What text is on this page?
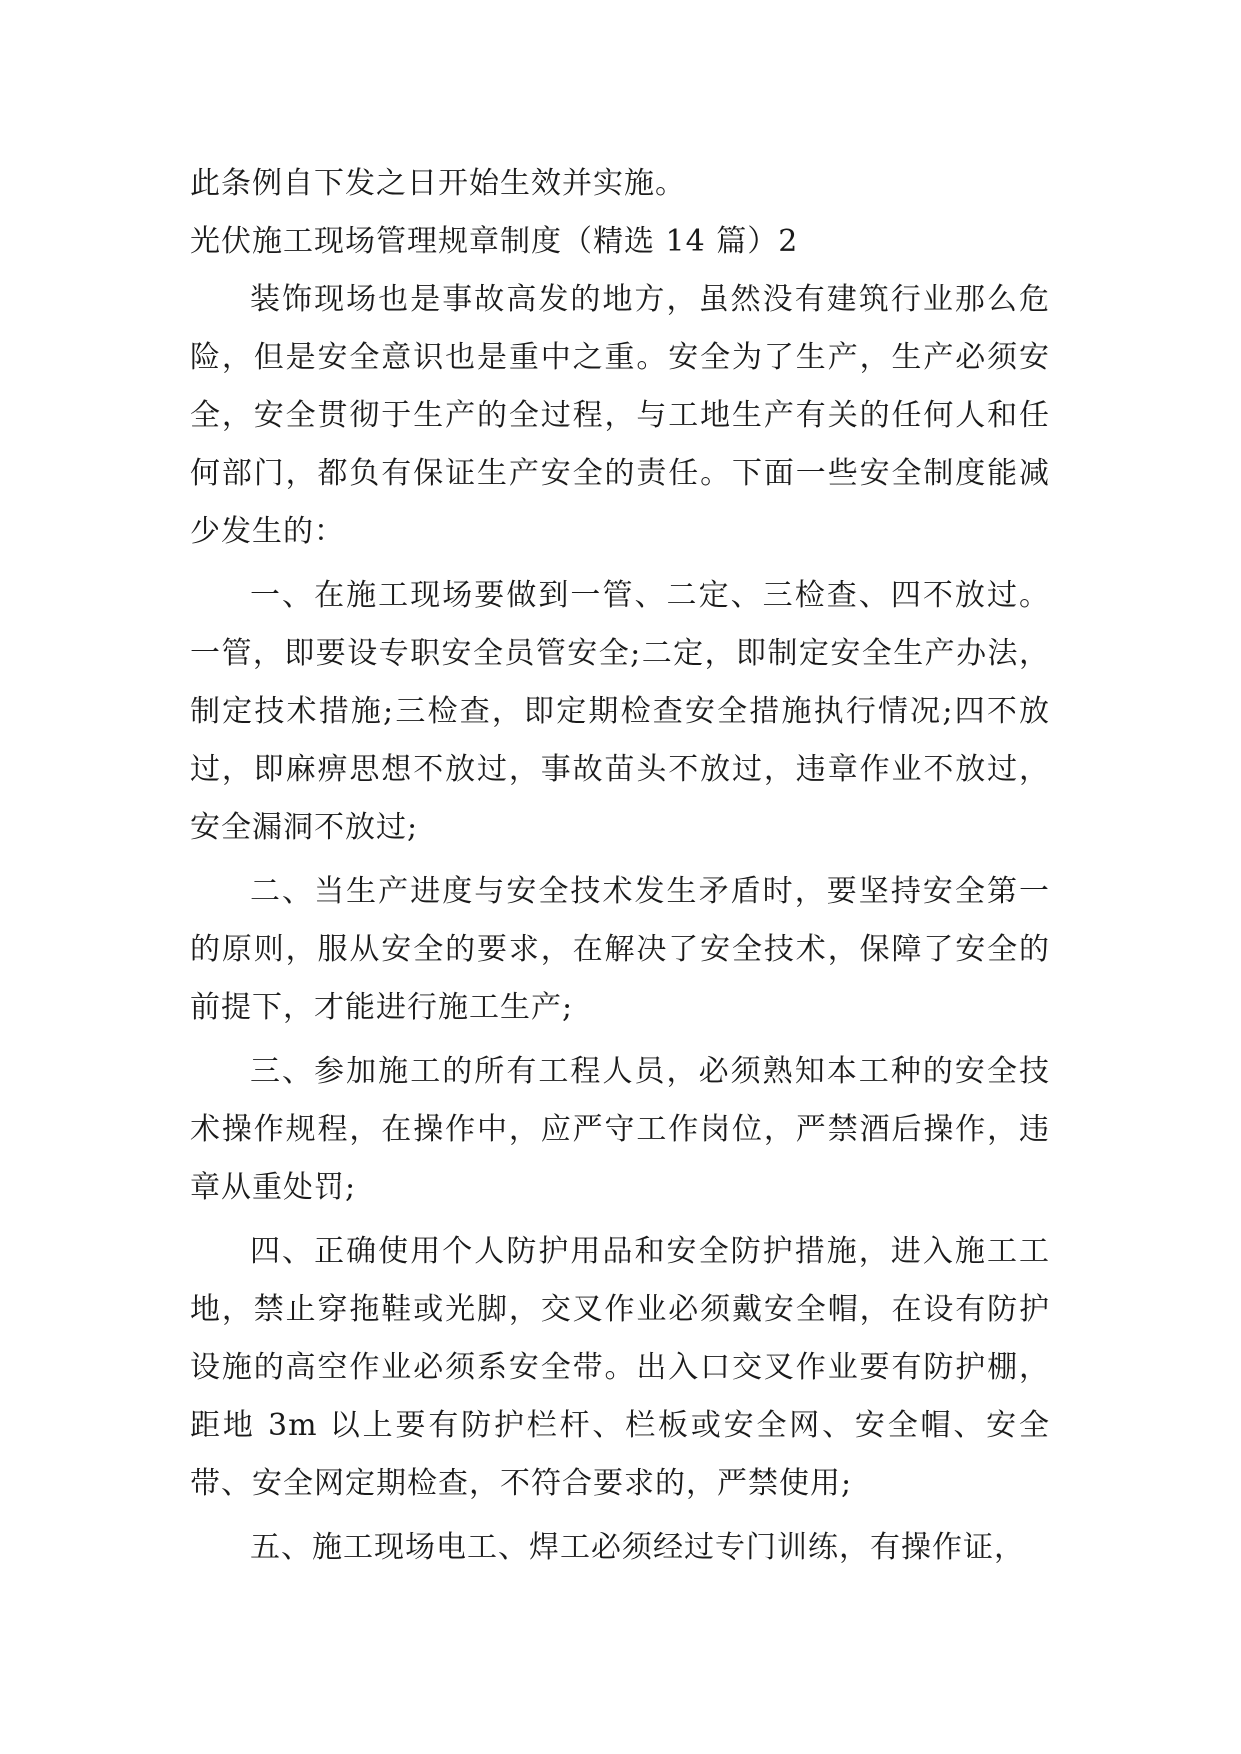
此条例自下发之日开始生效并实施。
光伏施工现场管理规章制度（精选 14 篇）2

装饰现场也是事故高发的地方，虽然没有建筑行业那么危险，但是安全意识也是重中之重。安全为了生产，生产必须安全，安全贯彻于生产的全过程，与工地生产有关的任何人和任何部门，都负有保证生产安全的责任。下面一些安全制度能减少发生的：

一、在施工现场要做到一管、二定、三检查、四不放过。一管，即要设专职安全员管安全;二定，即制定安全生产办法，制定技术措施;三检查，即定期检查安全措施执行情况;四不放过，即麻痹思想不放过，事故苗头不放过，违章作业不放过，安全漏洞不放过;

二、当生产进度与安全技术发生矛盾时，要坚持安全第一的原则，服从安全的要求，在解决了安全技术，保障了安全的前提下，才能进行施工生产;

三、参加施工的所有工程人员，必须熟知本工种的安全技术操作规程，在操作中，应严守工作岗位，严禁酒后操作，违章从重处罚;

四、正确使用个人防护用品和安全防护措施，进入施工工地，禁止穿拖鞋或光脚，交叉作业必须戴安全帽，在设有防护设施的高空作业必须系安全带。出入口交叉作业要有防护棚，距地 3m 以上要有防护栏杆、栏板或安全网、安全帽、安全带、安全网定期检查，不符合要求的，严禁使用;

五、施工现场电工、焊工必须经过专门训练，有操作证，
